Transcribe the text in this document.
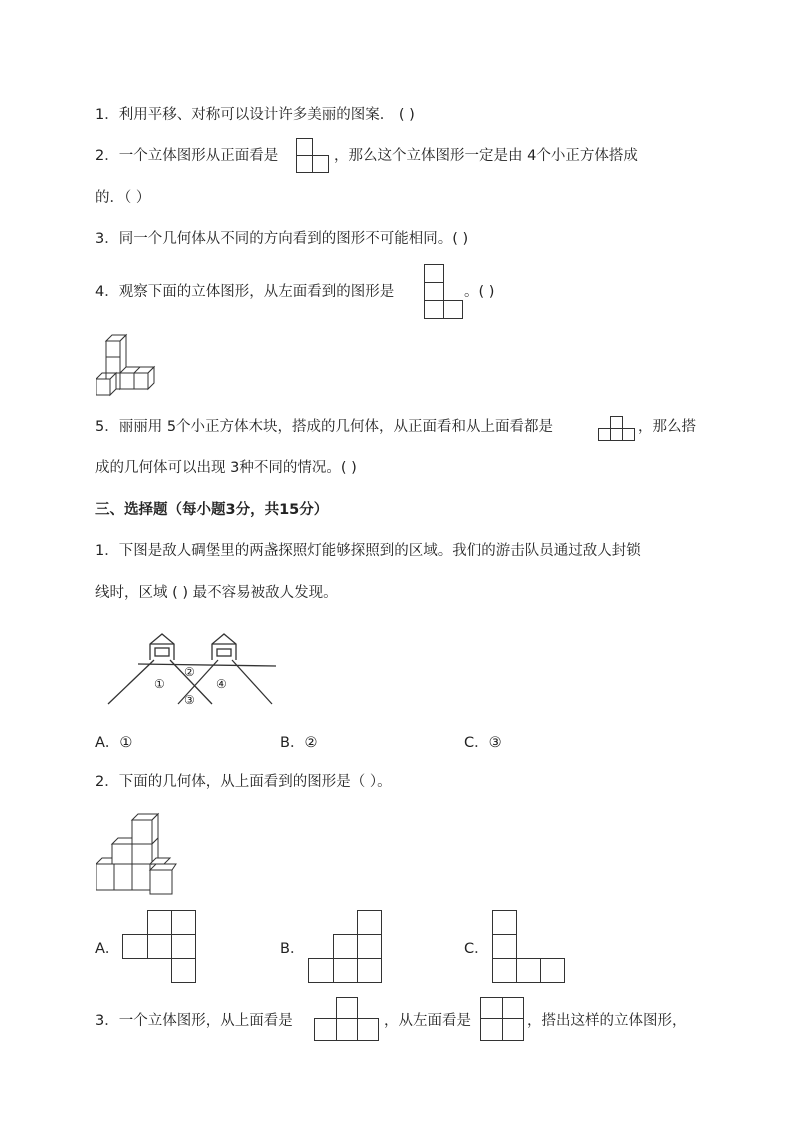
1．利用平移、对称可以设计许多美丽的图案． ( )
2．一个立体图形从正面看是	，那么这个立体图形一定是由 4个小正方体搭成
的．（ ）
3．同一个几何体从不同的方向看到的图形不可能相同。( )
4．观察下面的立体图形，从左面看到的图形是	。( )
5．丽丽用 5个小正方体木块，搭成的几何体，从正面看和从上面看都是	，那么搭
成的几何体可以出现 3种不同的情况。( )
三、选择题（每小题3分，共15分）
1．下图是敌人碉堡里的两盏探照灯能够探照到的区域。我们的游击队员通过敌人封锁
线时，区域 ( ) 最不容易被敌人发现。
①
②
③
④
A．①	B．②	C．③
2．下面的几何体，从上面看到的图形是（ ）。
A．	B．	C．
3．一个立体图形，从上面看是	，从左面看是	，搭出这样的立体图形，
